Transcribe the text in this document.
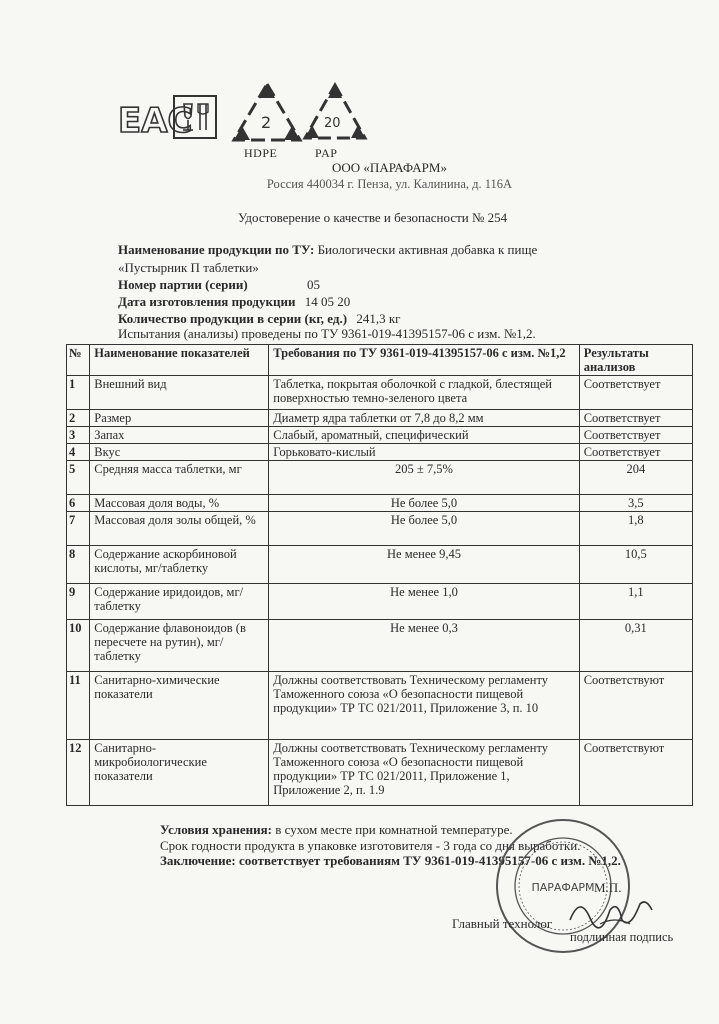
EAC	2	20
HDPE	PAP
ООО «ПАРАФАРМ»
Россия 440034 г. Пенза, ул. Калинина, д. 116А
Удостоверение о качестве и безопасности № 254
Наименование продукции по ТУ: Биологически активная добавка к пище
«Пустырник П таблетки»
Номер партии (серии)	05
Дата изготовления продукции 14 05 20
Количество продукции в серии (кг, ед.) 241,3 кг
Испытания (анализы) проведены по ТУ 9361-019-41395157-06 с изм. №1,2.
№	Наименование показателей	Требования по ТУ 9361-019-41395157-06 с изм. №1,2	Результаты анализов
1	Внешний вид	Таблетка, покрытая оболочкой с гладкой, блестящей поверхностью темно-зеленого цвета	Соответствует
2	Размер	Диаметр ядра таблетки от 7,8 до 8,2 мм	Соответствует
3	Запах	Слабый, ароматный, специфический	Соответствует
4	Вкус	Горьковато-кислый	Соответствует
5	Средняя масса таблетки, мг	205 ± 7,5%	204
6	Массовая доля воды, %	Не более 5,0	3,5
7	Массовая доля золы общей, %	Не более 5,0	1,8
8	Содержание аскорбиновой кислоты, мг/таблетку	Не менее 9,45	10,5
9	Содержание иридоидов, мг/таблетку	Не менее 1,0	1,1
10	Содержание флавоноидов (в пересчете на рутин), мг/таблетку	Не менее 0,3	0,31
11	Санитарно-химические показатели	Должны соответствовать Техническому регламенту Таможенного союза «О безопасности пищевой продукции» ТР ТС 021/2011, Приложение 3, п. 10	Соответствуют
12	Санитарно-микробиологические показатели	Должны соответствовать Техническому регламенту Таможенного союза «О безопасности пищевой продукции» ТР ТС 021/2011, Приложение 1, Приложение 2, п. 1.9	Соответствуют
Условия хранения: в сухом месте при комнатной температуре.
Срок годности продукта в упаковке изготовителя - 3 года со дня выработки.
Заключение: соответствует требованиям ТУ 9361-019-41395157-06 с изм. №1,2.
ПАРАФАРМ М.П.
Главный технолог
подлинная подпись
